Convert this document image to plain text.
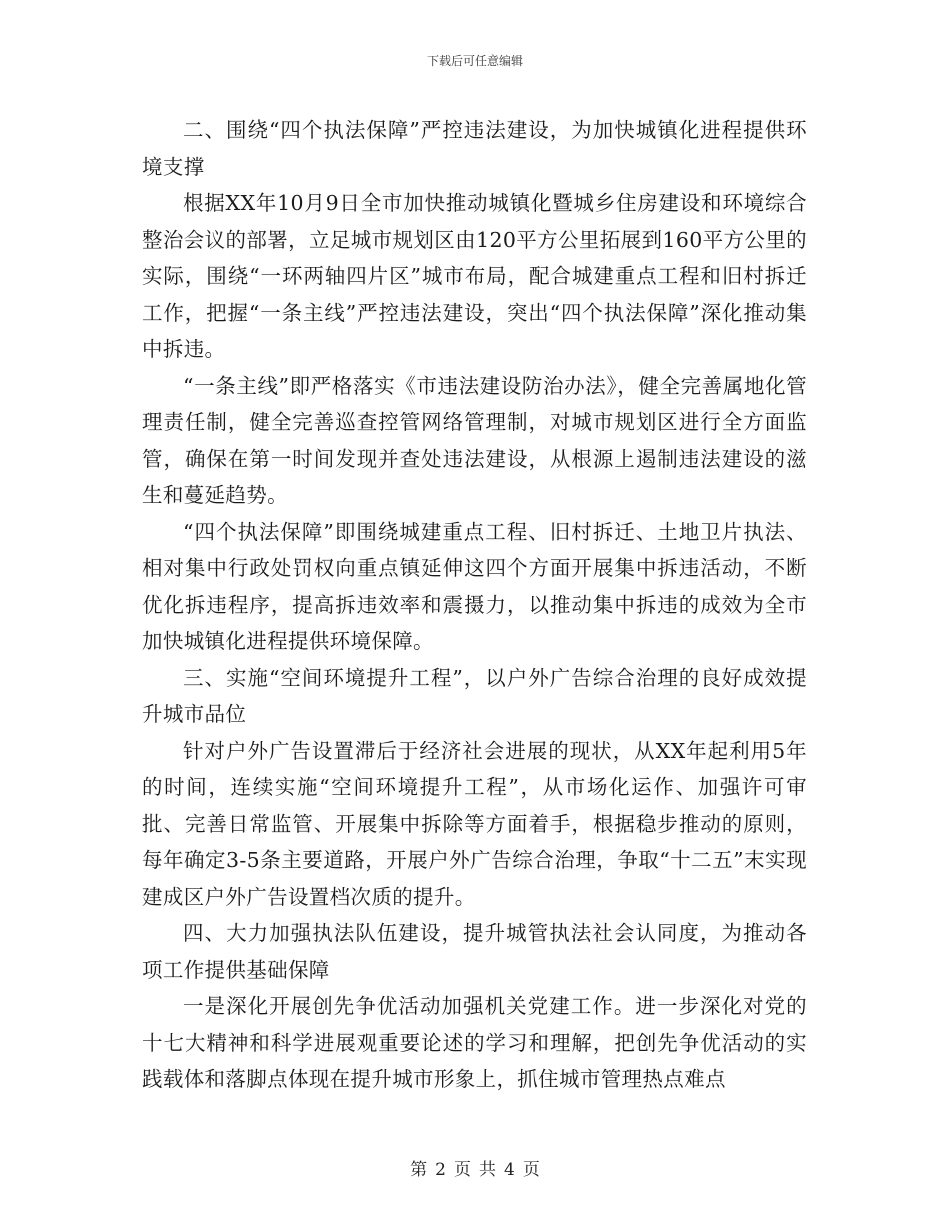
下载后可任意编辑

二、围绕“四个执法保障”严控违法建设，为加快城镇化进程提供环境支撑

根据XX年10月9日全市加快推动城镇化暨城乡住房建设和环境综合整治会议的部署，立足城市规划区由120平方公里拓展到160平方公里的实际，围绕“一环两轴四片区”城市布局，配合城建重点工程和旧村拆迁工作，把握“一条主线”严控违法建设，突出“四个执法保障”深化推动集中拆违。

“一条主线”即严格落实《市违法建设防治办法》，健全完善属地化管理责任制，健全完善巡查控管网络管理制，对城市规划区进行全方面监管，确保在第一时间发现并查处违法建设，从根源上遏制违法建设的滋生和蔓延趋势。

“四个执法保障”即围绕城建重点工程、旧村拆迁、土地卫片执法、相对集中行政处罚权向重点镇延伸这四个方面开展集中拆违活动，不断优化拆违程序，提高拆违效率和震摄力，以推动集中拆违的成效为全市加快城镇化进程提供环境保障。

三、实施“空间环境提升工程”，以户外广告综合治理的良好成效提升城市品位

针对户外广告设置滞后于经济社会进展的现状，从XX年起利用5年的时间，连续实施“空间环境提升工程”，从市场化运作、加强许可审批、完善日常监管、开展集中拆除等方面着手，根据稳步推动的原则，每年确定3-5条主要道路，开展户外广告综合治理，争取“十二五”末实现建成区户外广告设置档次质的提升。

四、大力加强执法队伍建设，提升城管执法社会认同度，为推动各项工作提供基础保障

一是深化开展创先争优活动加强机关党建工作。进一步深化对党的十七大精神和科学进展观重要论述的学习和理解，把创先争优活动的实践载体和落脚点体现在提升城市形象上，抓住城市管理热点难点

第 2 页 共 4 页
